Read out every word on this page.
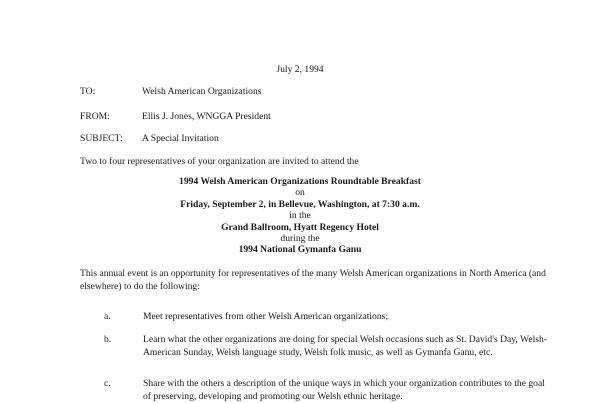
July 2, 1994
TO:	Welsh American Organizations
FROM:	Ellis J. Jones, WNGGA President
SUBJECT: A Special Invitation
Two to four representatives of your organization are invited to attend the
1994 Welsh American Organizations Roundtable Breakfast
on
Friday, September 2, in Bellevue, Washington, at 7:30 a.m.
in the
Grand Ballroom, Hyatt Regency Hotel
during the
1994 National Gymanfa Ganu
This annual event is an opportunity for representatives of the many Welsh American organizations in North America (and elsewhere) to do the following:
a.	Meet representatives from other Welsh American organizations;
b.	Learn what the other organizations are doing for special Welsh occasions such as St. David's Day, Welsh-American Sunday, Welsh language study, Welsh folk music, as well as Gymanfa Ganu, etc.
c.	Share with the others a description of the unique ways in which your organization contributes to the goal of preserving, developing and promoting our Welsh ethnic heritage.
